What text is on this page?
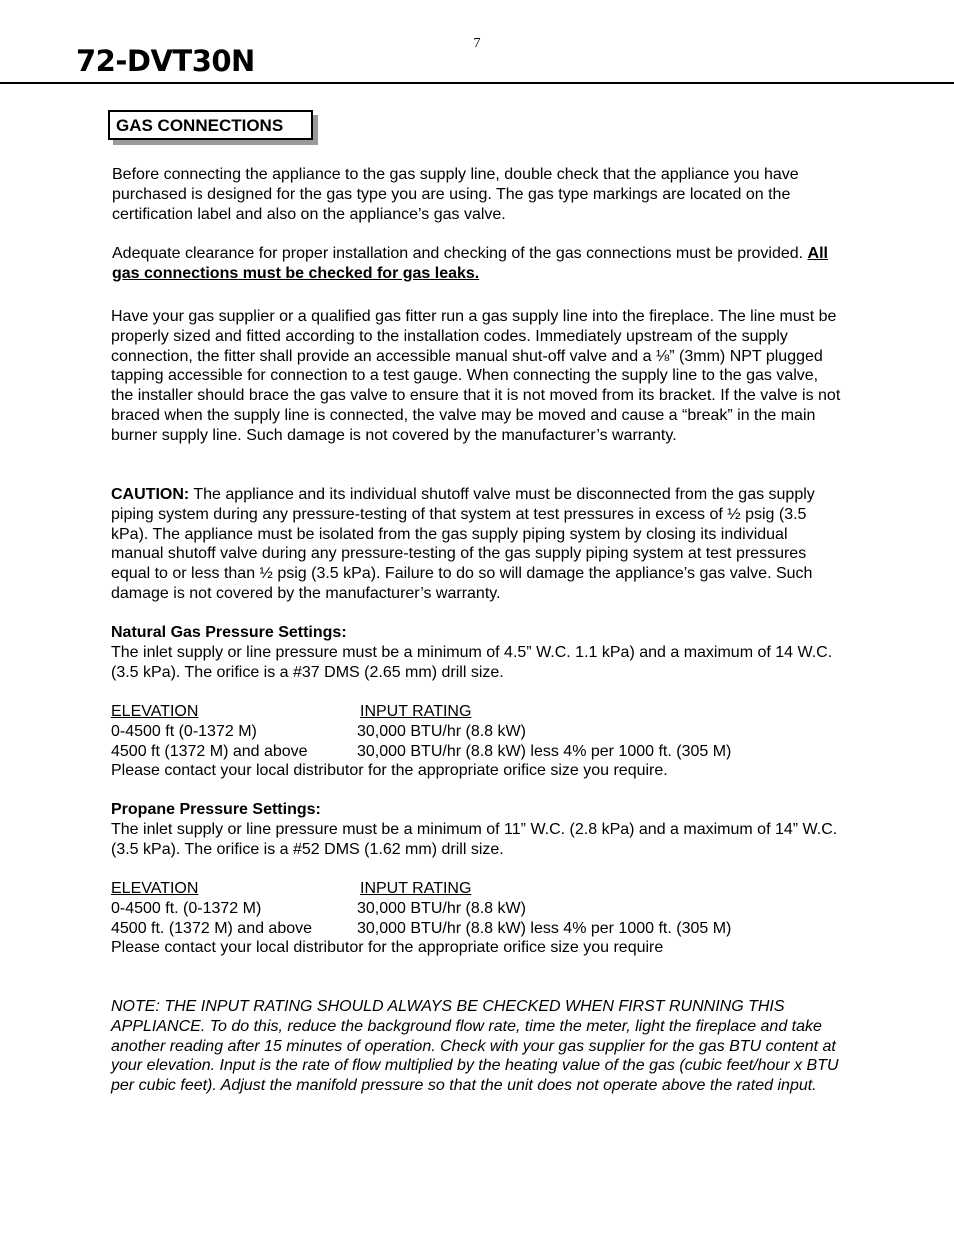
7
72-DVT30N
GAS CONNECTIONS

Before connecting the appliance to the gas supply line, double check that the appliance you have purchased is designed for the gas type you are using. The gas type markings are located on the certification label and also on the appliance’s gas valve.

Adequate clearance for proper installation and checking of the gas connections must be provided. All gas connections must be checked for gas leaks.

Have your gas supplier or a qualified gas fitter run a gas supply line into the fireplace. The line must be properly sized and fitted according to the installation codes. Immediately upstream of the supply connection, the fitter shall provide an accessible manual shut-off valve and a ⅛” (3mm) NPT plugged tapping accessible for connection to a test gauge. When connecting the supply line to the gas valve, the installer should brace the gas valve to ensure that it is not moved from its bracket. If the valve is not braced when the supply line is connected, the valve may be moved and cause a “break” in the main burner supply line. Such damage is not covered by the manufacturer’s warranty.

CAUTION: The appliance and its individual shutoff valve must be disconnected from the gas supply piping system during any pressure-testing of that system at test pressures in excess of ½ psig (3.5 kPa). The appliance must be isolated from the gas supply piping system by closing its individual manual shutoff valve during any pressure-testing of the gas supply piping system at test pressures equal to or less than ½ psig (3.5 kPa). Failure to do so will damage the appliance’s gas valve. Such damage is not covered by the manufacturer’s warranty.

Natural Gas Pressure Settings:

The inlet supply or line pressure must be a minimum of 4.5” W.C. 1.1 kPa) and a maximum of 14 W.C. (3.5 kPa). The orifice is a #37 DMS (2.65 mm) drill size.

ELEVATION	INPUT RATING
0-4500 ft (0-1372 M)	30,000 BTU/hr (8.8 kW)
4500 ft (1372 M) and above	30,000 BTU/hr (8.8 kW) less 4% per 1000 ft. (305 M)

Please contact your local distributor for the appropriate orifice size you require.

Propane Pressure Settings:

The inlet supply or line pressure must be a minimum of 11” W.C. (2.8 kPa) and a maximum of 14” W.C. (3.5 kPa). The orifice is a #52 DMS (1.62 mm) drill size.

ELEVATION	INPUT RATING
0-4500 ft. (0-1372 M)	30,000 BTU/hr (8.8 kW)
4500 ft. (1372 M) and above	30,000 BTU/hr (8.8 kW) less 4% per 1000 ft. (305 M)

Please contact your local distributor for the appropriate orifice size you require

NOTE: THE INPUT RATING SHOULD ALWAYS BE CHECKED WHEN FIRST RUNNING THIS APPLIANCE. To do this, reduce the background flow rate, time the meter, light the fireplace and take another reading after 15 minutes of operation. Check with your gas supplier for the gas BTU content at your elevation. Input is the rate of flow multiplied by the heating value of the gas (cubic feet/hour x BTU per cubic feet). Adjust the manifold pressure so that the unit does not operate above the rated input.
